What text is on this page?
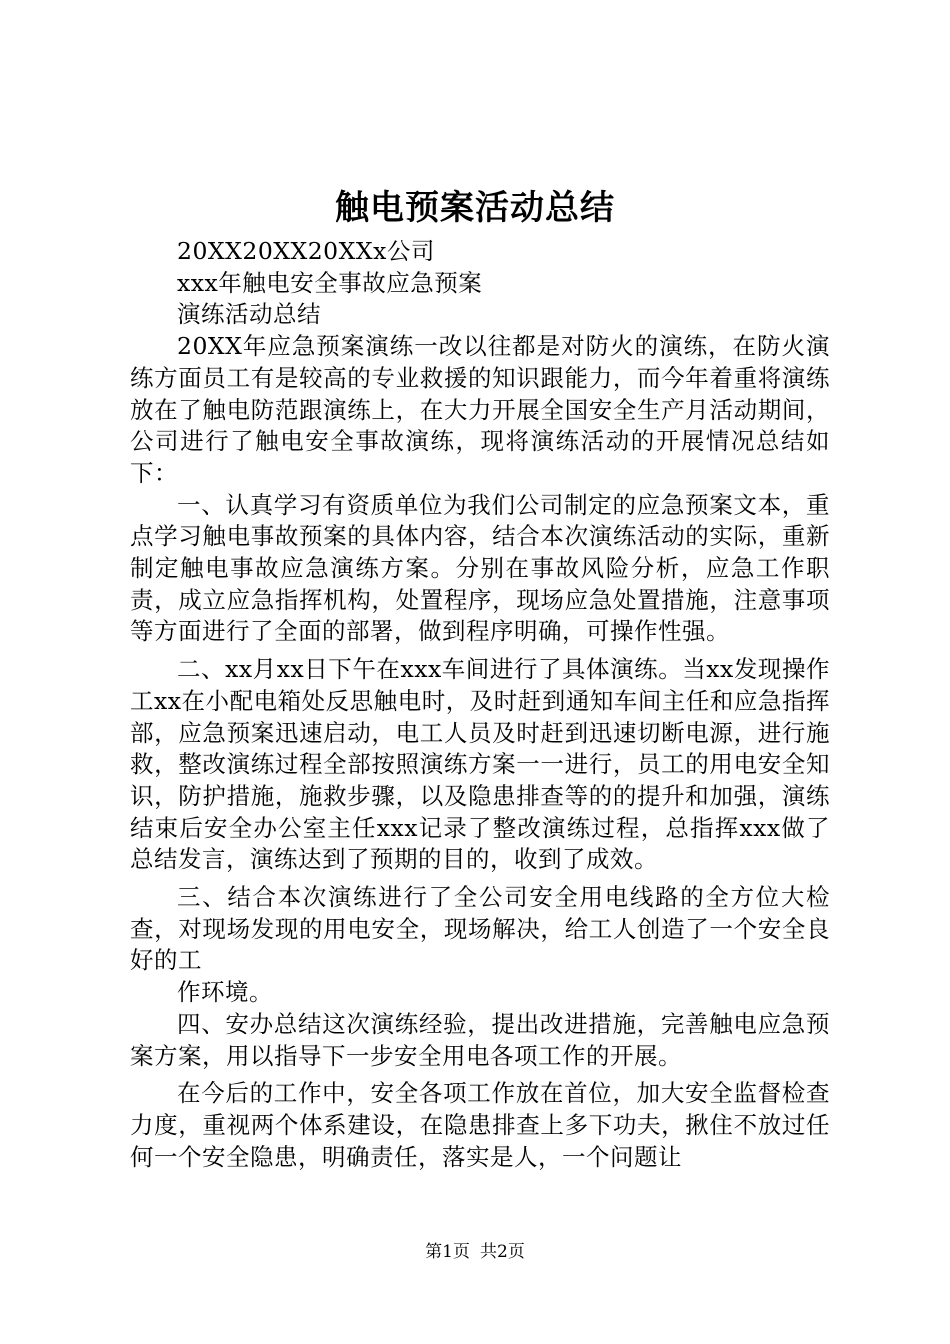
触电预案活动总结

20XX20XX20XXx公司

xxx年触电安全事故应急预案

演练活动总结

20XX年应急预案演练一改以往都是对防火的演练，在防火演练方面员工有是较高的专业救援的知识跟能力，而今年着重将演练放在了触电防范跟演练上，在大力开展全国安全生产月活动期间，公司进行了触电安全事故演练，现将演练活动的开展情况总结如下：

一、认真学习有资质单位为我们公司制定的应急预案文本，重点学习触电事故预案的具体内容，结合本次演练活动的实际，重新制定触电事故应急演练方案。分别在事故风险分析，应急工作职责，成立应急指挥机构，处置程序，现场应急处置措施，注意事项等方面进行了全面的部署，做到程序明确，可操作性强。

二、xx月xx日下午在xxx车间进行了具体演练。当xx发现操作工xx在小配电箱处反思触电时，及时赶到通知车间主任和应急指挥部，应急预案迅速启动，电工人员及时赶到迅速切断电源，进行施救，整改演练过程全部按照演练方案一一进行，员工的用电安全知识，防护措施，施救步骤，以及隐患排查等的的提升和加强，演练结束后安全办公室主任xxx记录了整改演练过程，总指挥xxx做了总结发言，演练达到了预期的目的，收到了成效。

三、结合本次演练进行了全公司安全用电线路的全方位大检查，对现场发现的用电安全，现场解决，给工人创造了一个安全良好的工

作环境。

四、安办总结这次演练经验，提出改进措施，完善触电应急预案方案，用以指导下一步安全用电各项工作的开展。

在今后的工作中，安全各项工作放在首位，加大安全监督检查力度，重视两个体系建设，在隐患排查上多下功夫，揪住不放过任何一个安全隐患，明确责任，落实是人，一个问题让

第1页 共2页
